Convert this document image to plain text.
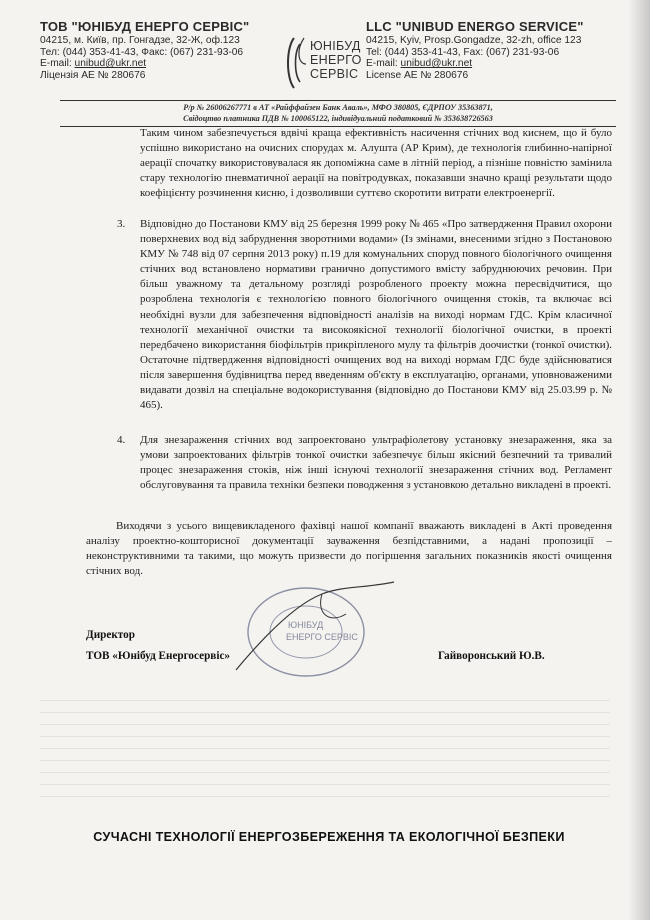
ТОВ "ЮНІБУД ЕНЕРГО СЕРВІС"
04215, м. Київ, пр. Гонгадзе, 32-Ж, оф.123
Тел: (044) 353-41-43, Факс: (067) 231-93-06
E-mail: unibud@ukr.net
Ліцензія АЕ № 280676
ЮНІБУД
ЕНЕРГО
СЕРВІС
LLC "UNIBUD ENERGO SERVICE"
04215, Kyiv, Prosp.Gongadze, 32-zh, office 123
Tel: (044) 353-41-43, Fax: (067) 231-93-06
E-mail: unibud@ukr.net
License АЕ № 280676
Р/р № 26006267771 в АТ «Райффайзен Банк Аваль», МФО 380805, ЄДРПОУ 35363871,
Свідоцтво платника ПДВ № 100065122, індивідуальний податковий № 353638726563
Таким чином забезпечується вдвічі краща ефективність насичення стічних вод киснем, що й було успішно використано на очисних спорудах м. Алушта (АР Крим), де технологія глибинно-напірної аерації спочатку використовувалася як допоміжна саме в літній період, а пізніше повністю замінила стару технологію пневматичної аерації на повітродувках, показавши значно кращі результати щодо коефіцієнту розчинення кисню, і дозволивши суттєво скоротити витрати електроенергії.
3. Відповідно до Постанови КМУ від 25 березня 1999 року № 465 «Про затвердження Правил охорони поверхневих вод від забруднення зворотними водами» (Із змінами, внесеними згідно з Постановою КМУ № 748 від 07 серпня 2013 року) п.19 для комунальних споруд повного біологічного очищення стічних вод встановлено нормативи гранично допустимого вмісту забруднюючих речовин. При більш уважному та детальному розгляді розробленого проекту можна пересвідчитися, що розроблена технологія є технологією повного біологічного очищення стоків, та включає всі необхідні вузли для забезпечення відповідності аналізів на виході нормам ГДС. Крім класичної технології механічної очистки та високоякісної технології біологічної очистки, в проекті передбачено використання біофільтрів прикріпленого мулу та фільтрів доочистки (тонкої очистки). Остаточне підтвердження відповідності очищених вод на виході нормам ГДС буде здійснюватися після завершення будівництва перед введенням об'єкту в експлуатацію, органами, уповноваженими видавати дозвіл на спеціальне водокористування (відповідно до Постанови КМУ від 25.03.99 р. № 465).
4. Для знезараження стічних вод запроектовано ультрафіолетову установку знезараження, яка за умови запроектованих фільтрів тонкої очистки забезпечує більш якісний безпечний та тривалий процес знезараження стоків, ніж інші існуючі технології знезараження стічних вод. Регламент обслуговування та правила техніки безпеки поводження з установкою детально викладені в проекті.
Виходячи з усього вищевикладеного фахівці нашої компанії вважають викладені в Акті проведення аналізу проектно-кошторисної документації зауваження безпідставними, а надані пропозиції – неконструктивними та такими, що можуть призвести до погіршення загальних показників якості очищення стічних вод.
ЮНІБУД
ЕНЕРГО СЕРВІС
Директор
ТОВ «Юнібуд Енергосервіс»	Гайворонський Ю.В.
СУЧАСНІ ТЕХНОЛОГІЇ ЕНЕРГОЗБЕРЕЖЕННЯ ТА ЕКОЛОГІЧНОЇ БЕЗПЕКИ
